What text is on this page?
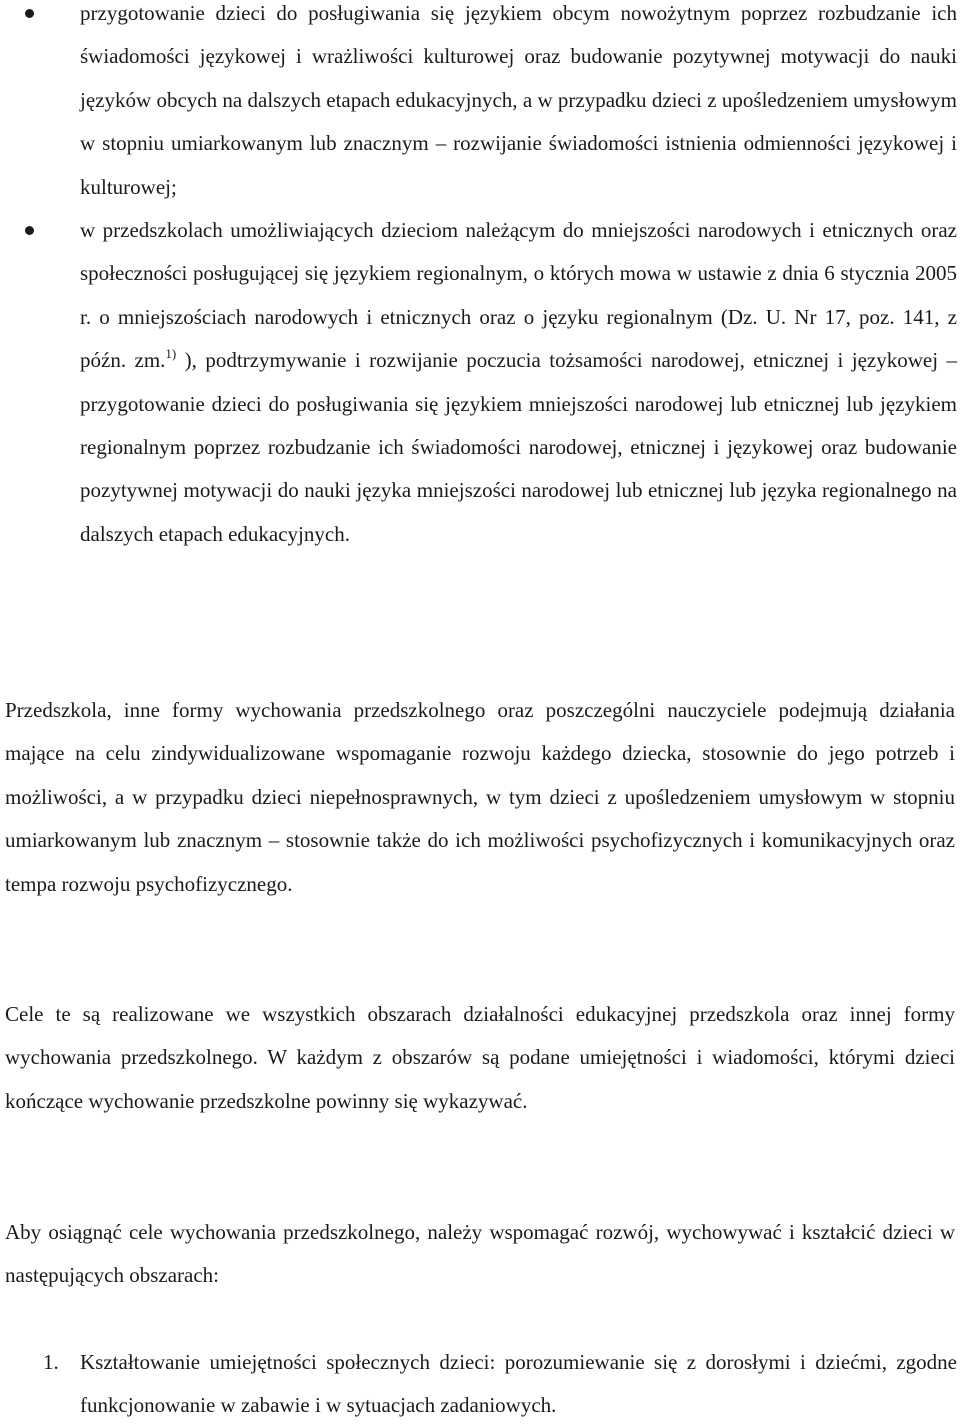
przygotowanie dzieci do posługiwania się językiem obcym nowożytnym poprzez rozbudzanie ich świadomości językowej i wrażliwości kulturowej oraz budowanie pozytywnej motywacji do nauki języków obcych na dalszych etapach edukacyjnych, a w przypadku dzieci z upośledzeniem umysłowym w stopniu umiarkowanym lub znacznym – rozwijanie świadomości istnienia odmienności językowej i kulturowej;
w przedszkolach umożliwiających dzieciom należącym do mniejszości narodowych i etnicznych oraz społeczności posługującej się językiem regionalnym, o których mowa w ustawie z dnia 6 stycznia 2005 r. o mniejszościach narodowych i etnicznych oraz o języku regionalnym (Dz. U. Nr 17, poz. 141, z późn. zm.$^{1)}$ ), podtrzymywanie i rozwijanie poczucia tożsamości narodowej, etnicznej i językowej – przygotowanie dzieci do posługiwania się językiem mniejszości narodowej lub etnicznej lub językiem regionalnym poprzez rozbudzanie ich świadomości narodowej, etnicznej i językowej oraz budowanie pozytywnej motywacji do nauki języka mniejszości narodowej lub etnicznej lub języka regionalnego na dalszych etapach edukacyjnych.

Przedszkola, inne formy wychowania przedszkolnego oraz poszczególni nauczyciele podejmują działania mające na celu zindywidualizowane wspomaganie rozwoju każdego dziecka, stosownie do jego potrzeb i możliwości, a w przypadku dzieci niepełnosprawnych, w tym dzieci z upośledzeniem umysłowym w stopniu umiarkowanym lub znacznym – stosownie także do ich możliwości psychofizycznych i komunikacyjnych oraz tempa rozwoju psychofizycznego.

Cele te są realizowane we wszystkich obszarach działalności edukacyjnej przedszkola oraz innej formy wychowania przedszkolnego. W każdym z obszarów są podane umiejętności i wiadomości, którymi dzieci kończące wychowanie przedszkolne powinny się wykazywać.

Aby osiągnąć cele wychowania przedszkolnego, należy wspomagać rozwój, wychowywać i kształcić dzieci w następujących obszarach:

1. Kształtowanie umiejętności społecznych dzieci: porozumiewanie się z dorosłymi i dziećmi, zgodne funkcjonowanie w zabawie i w sytuacjach zadaniowych.
